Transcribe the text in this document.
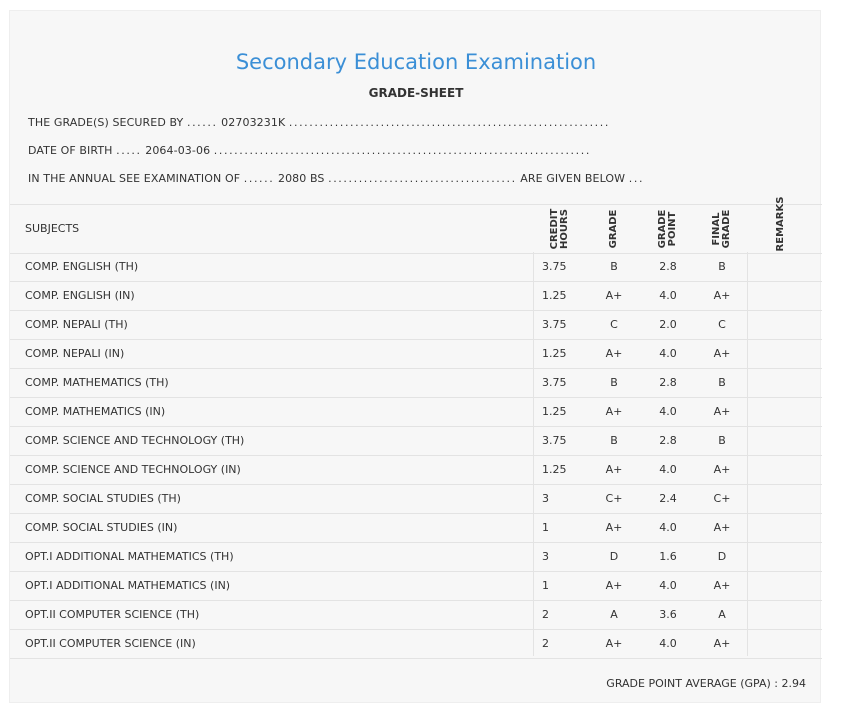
Secondary Education Examination
GRADE-SHEET
THE GRADE(S) SECURED BY ...... 02703231K ...............................................................
DATE OF BIRTH ..... 2064-03-06 ..........................................................................
IN THE ANNUAL SEE EXAMINATION OF ...... 2080 BS ..................................... ARE GIVEN BELOW ...
SUBJECTS	CREDIT HOURS	GRADE	GRADE POINT	FINAL GRADE	REMARKS
COMP. ENGLISH (TH)	3.75	B	2.8	B
COMP. ENGLISH (IN)	1.25	A+	4.0	A+
COMP. NEPALI (TH)	3.75	C	2.0	C
COMP. NEPALI (IN)	1.25	A+	4.0	A+
COMP. MATHEMATICS (TH)	3.75	B	2.8	B
COMP. MATHEMATICS (IN)	1.25	A+	4.0	A+
COMP. SCIENCE AND TECHNOLOGY (TH)	3.75	B	2.8	B
COMP. SCIENCE AND TECHNOLOGY (IN)	1.25	A+	4.0	A+
COMP. SOCIAL STUDIES (TH)	3	C+	2.4	C+
COMP. SOCIAL STUDIES (IN)	1	A+	4.0	A+
OPT.I ADDITIONAL MATHEMATICS (TH)	3	D	1.6	D
OPT.I ADDITIONAL MATHEMATICS (IN)	1	A+	4.0	A+
OPT.II COMPUTER SCIENCE (TH)	2	A	3.6	A
OPT.II COMPUTER SCIENCE (IN)	2	A+	4.0	A+
GRADE POINT AVERAGE (GPA) : 2.94
